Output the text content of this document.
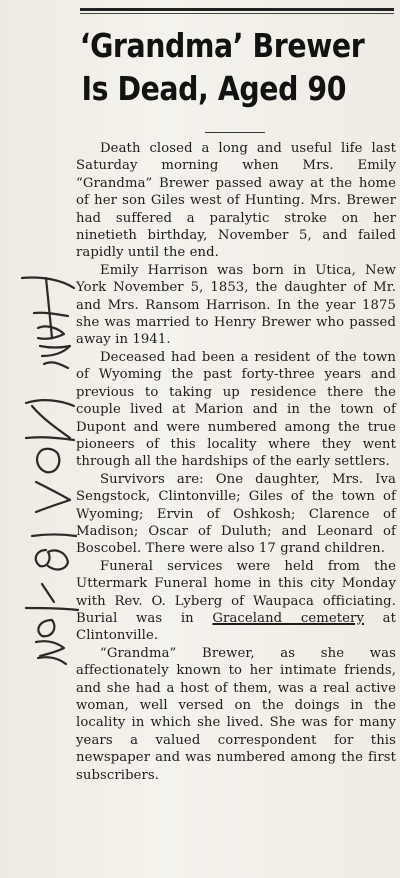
‘Grandma’ Brewer
Is Dead, Aged 90

Death closed a long and useful life last Saturday morning when Mrs. Emily “Grandma” Brewer passed away at the home of her son Giles west of Hunting. Mrs. Brewer had suffered a paralytic stroke on her ninetieth birthday, November 5, and failed rapidly until the end.

Emily Harrison was born in Utica, New York November 5, 1853, the daughter of Mr. and Mrs. Ransom Harrison. In the year 1875 she was married to Henry Brewer who passed away in 1941.

Deceased had been a resident of the town of Wyoming the past forty-three years and previous to taking up residence there the couple lived at Marion and in the town of Dupont and were numbered among the true pioneers of this locality where they went through all the hardships of the early settlers.

Survivors are: One daughter, Mrs. Iva Sengstock, Clintonville; Giles of the town of Wyoming; Ervin of Oshkosh; Clarence of Madison; Oscar of Duluth; and Leonard of Boscobel. There were also 17 grand children.

Funeral services were held from the Uttermark Funeral home in this city Monday with Rev. O. Lyberg of Waupaca officiating. Burial was in Graceland cemetery at Clintonville.

“Grandma” Brewer, as she was affectionately known to her intimate friends, and she had a host of them, was a real active woman, well versed on the doings in the locality in which she lived. She was for many years a valued correspondent for this newspaper and was numbered among the first subscribers.
